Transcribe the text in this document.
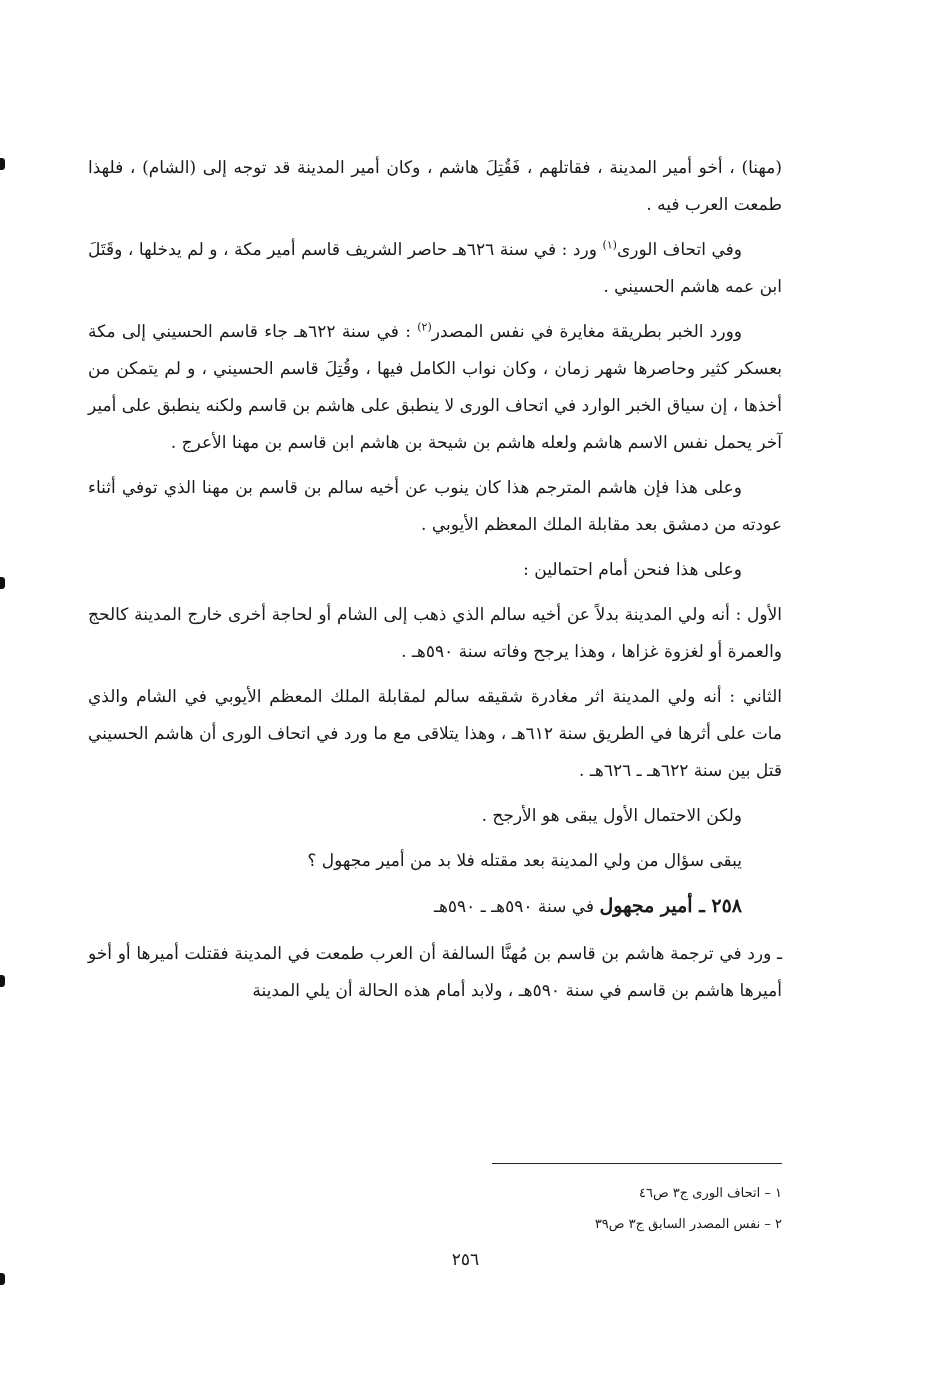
(مهنا) ، أخو أمير المدينة ، فقاتلهم ، فَقُتِلَ هاشم ، وكان أمير المدينة قد توجه إلى (الشام) ، فلهذا طمعت العرب فيه .

وفي اتحاف الورى$^{(١)}$ ورد : في سنة ٦٢٦هـ حاصر الشريف قاسم أمير مكة ، و لم يدخلها ، وقَتَلَ ابن عمه هاشم الحسيني .

وورد الخبر بطريقة مغايرة في نفس المصدر$^{(٢)}$ : في سنة ٦٢٢هـ جاء قاسم الحسيني إلى مكة بعسكر كثير وحاصرها شهر زمان ، وكان نواب الكامل فيها ، وقُتِلَ قاسم الحسيني ، و لم يتمكن من أخذها ، إن سياق الخبر الوارد في اتحاف الورى لا ينطبق على هاشم بن قاسم ولكنه ينطبق على أمير آخر يحمل نفس الاسم هاشم ولعله هاشم بن شيحة بن هاشم ابن قاسم بن مهنا الأعرج .

وعلى هذا فإن هاشم المترجم هذا كان ينوب عن أخيه سالم بن قاسم بن مهنا الذي توفي أثناء عودته من دمشق بعد مقابلة الملك المعظم الأيوبي .

وعلى هذا فنحن أمام احتمالين :

الأول : أنه ولي المدينة بدلاً عن أخيه سالم الذي ذهب إلى الشام أو لحاجة أخرى خارج المدينة كالحج والعمرة أو لغزوة غزاها ، وهذا يرجح وفاته سنة ٥٩٠هـ .

الثاني : أنه ولي المدينة اثر مغادرة شقيقه سالم لمقابلة الملك المعظم الأيوبي في الشام والذي مات على أثرها في الطريق سنة ٦١٢هـ ، وهذا يتلاقى مع ما ورد في اتحاف الورى أن هاشم الحسيني قتل بين سنة ٦٢٢هـ ـ ٦٢٦هـ .

ولكن الاحتمال الأول يبقى هو الأرجح .

يبقى سؤال من ولي المدينة بعد مقتله فلا بد من أمير مجهول ؟

٢٥٨ ـ أمير مجهول في سنة ٥٩٠هـ ـ ٥٩٠هـ

ـ ورد في ترجمة هاشم بن قاسم بن مُهنَّا السالفة أن العرب طمعت في المدينة فقتلت أميرها أو أخو أميرها هاشم بن قاسم في سنة ٥٩٠هـ ، ولابد أمام هذه الحالة أن يلي المدينة

١ – اتحاف الورى ج٣ ص٤٦

٢ – نفس المصدر السابق ج٣ ص٣٩

٢٥٦
